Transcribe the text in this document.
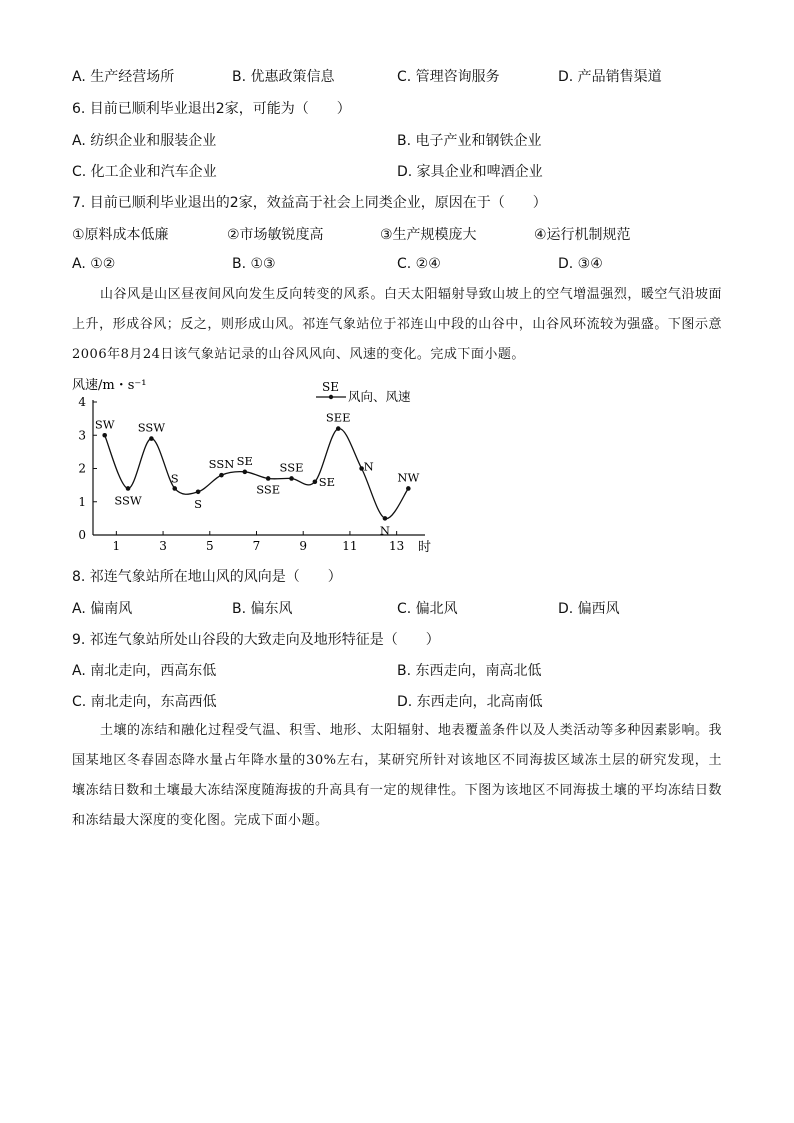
A. 生产经营场所	B. 优惠政策信息	C. 管理咨询服务	D. 产品销售渠道
6. 目前已顺利毕业退出2家，可能为（　　）
A. 纺织企业和服装企业	B. 电子产业和钢铁企业
C. 化工企业和汽车企业	D. 家具企业和啤酒企业
7. 目前已顺利毕业退出的2家，效益高于社会上同类企业，原因在于（　　）
①原料成本低廉	②市场敏锐度高	③生产规模庞大	④运行机制规范
A. ①②	B. ①③	C. ②④	D. ③④

山谷风是山区昼夜间风向发生反向转变的风系。白天太阳辐射导致山坡上的空气增温强烈，暖空气沿坡面上升，形成谷风；反之，则形成山风。祁连气象站位于祁连山中段的山谷中，山谷风环流较为强盛。下图示意2006年8月24日该气象站记录的山谷风风向、风速的变化。完成下面小题。

0
1
2
3
4
1	3	5	7	9	11	13
SW
SSW
SSW
S
S
SSN SE
SSE
SSE
SE
SEE
N
N
NW
风速/m・s⁻¹
时
SE
风向、风速
8. 祁连气象站所在地山风的风向是（　　）
A. 偏南风	B. 偏东风	C. 偏北风	D. 偏西风
9. 祁连气象站所处山谷段的大致走向及地形特征是（　　）
A. 南北走向，西高东低	B. 东西走向，南高北低
C. 南北走向，东高西低	D. 东西走向，北高南低

土壤的冻结和融化过程受气温、积雪、地形、太阳辐射、地表覆盖条件以及人类活动等多种因素影响。我国某地区冬春固态降水量占年降水量的30%左右，某研究所针对该地区不同海拔区域冻土层的研究发现，土壤冻结日数和土壤最大冻结深度随海拔的升高具有一定的规律性。下图为该地区不同海拔土壤的平均冻结日数和冻结最大深度的变化图。完成下面小题。
